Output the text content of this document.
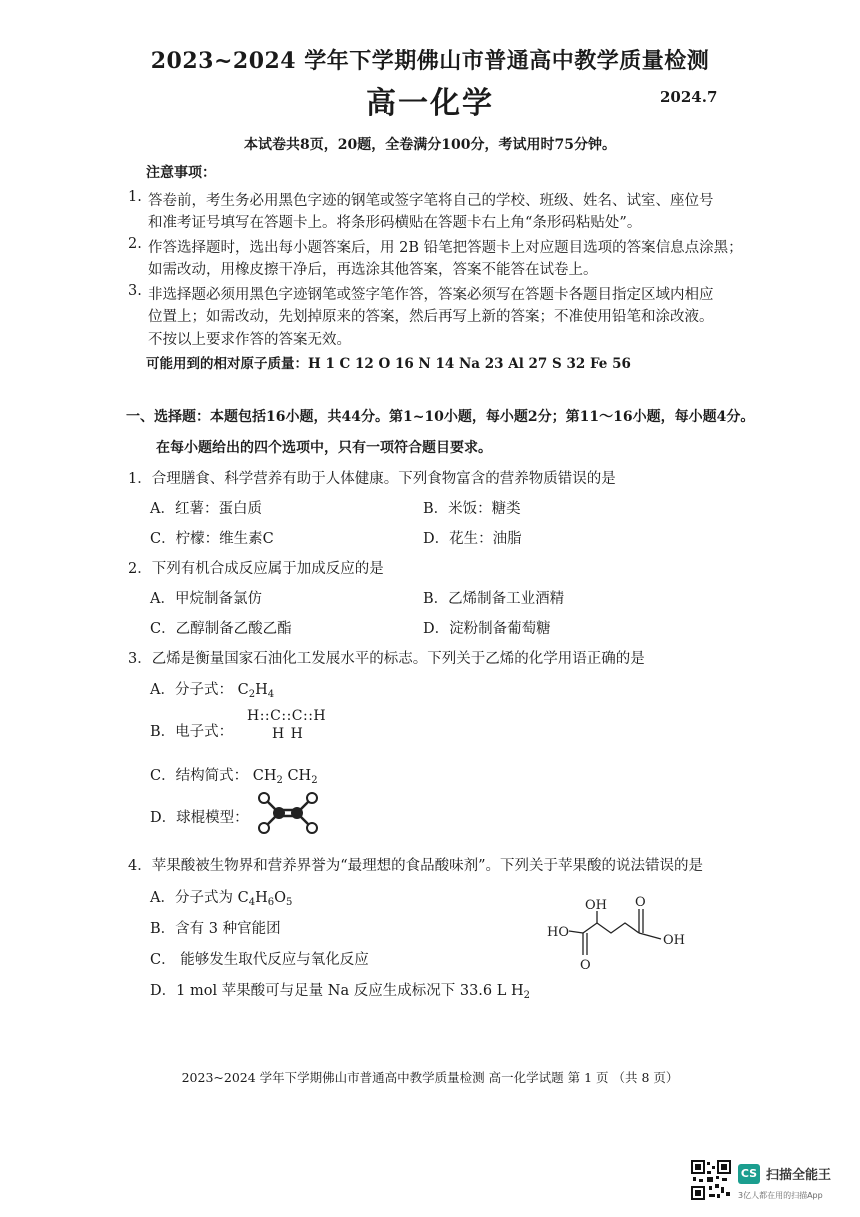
2023~2024 学年下学期佛山市普通高中教学质量检测
高一化学	2024.7
本试卷共8页，20题，全卷满分100分，考试用时75分钟。
注意事项：
1. 答卷前，考生务必用黑色字迹的钢笔或签字笔将自己的学校、班级、姓名、试室、座位号
和准考证号填写在答题卡上。将条形码横贴在答题卡右上角“条形码粘贴处”。
2. 作答选择题时，选出每小题答案后，用 2B 铅笔把答题卡上对应题目选项的答案信息点涂黑；
如需改动，用橡皮擦干净后，再选涂其他答案，答案不能答在试卷上。
3. 非选择题必须用黑色字迹钢笔或签字笔作答，答案必须写在答题卡各题目指定区域内相应
位置上；如需改动，先划掉原来的答案，然后再写上新的答案；不准使用铅笔和涂改液。
不按以上要求作答的答案无效。
可能用到的相对原子质量：H 1 C 12 O 16 N 14 Na 23 Al 27 S 32 Fe 56
一、选择题：本题包括16小题，共44分。第1~10小题，每小题2分；第11～16小题，每小题4分。
在每小题给出的四个选项中，只有一项符合题目要求。
1．合理膳食、科学营养有助于人体健康。下列食物富含的营养物质错误的是
A．红薯：蛋白质	B．米饭：糖类
C．柠檬：维生素C	D．花生：油脂
2．下列有机合成反应属于加成反应的是
A．甲烷制备氯仿	B．乙烯制备工业酒精
C．乙醇制备乙酸乙酯	D．淀粉制备葡萄糖
3．乙烯是衡量国家石油化工发展水平的标志。下列关于乙烯的化学用语正确的是
A．分子式： $C_2H_4$
B．电子式：
H::C::C::H
H H
C．结构简式： $CH_2$ $CH_2$
D．球棍模型：
4．苹果酸被生物界和营养界誉为“最理想的食品酸味剂”。下列关于苹果酸的说法错误的是
A．分子式为 $C_4H_6O_5$
B．含有 3 种官能团
C． 能够发生取代反应与氧化反应
D．1 mol 苹果酸可与足量 Na 反应生成标况下 33.6 L $H_2$
OH O
HO
OH
O
2023~2024 学年下学期佛山市普通高中教学质量检测 高一化学试题 第 1 页 （共 8 页）
CS 扫描全能王
3亿人都在用的扫描App
